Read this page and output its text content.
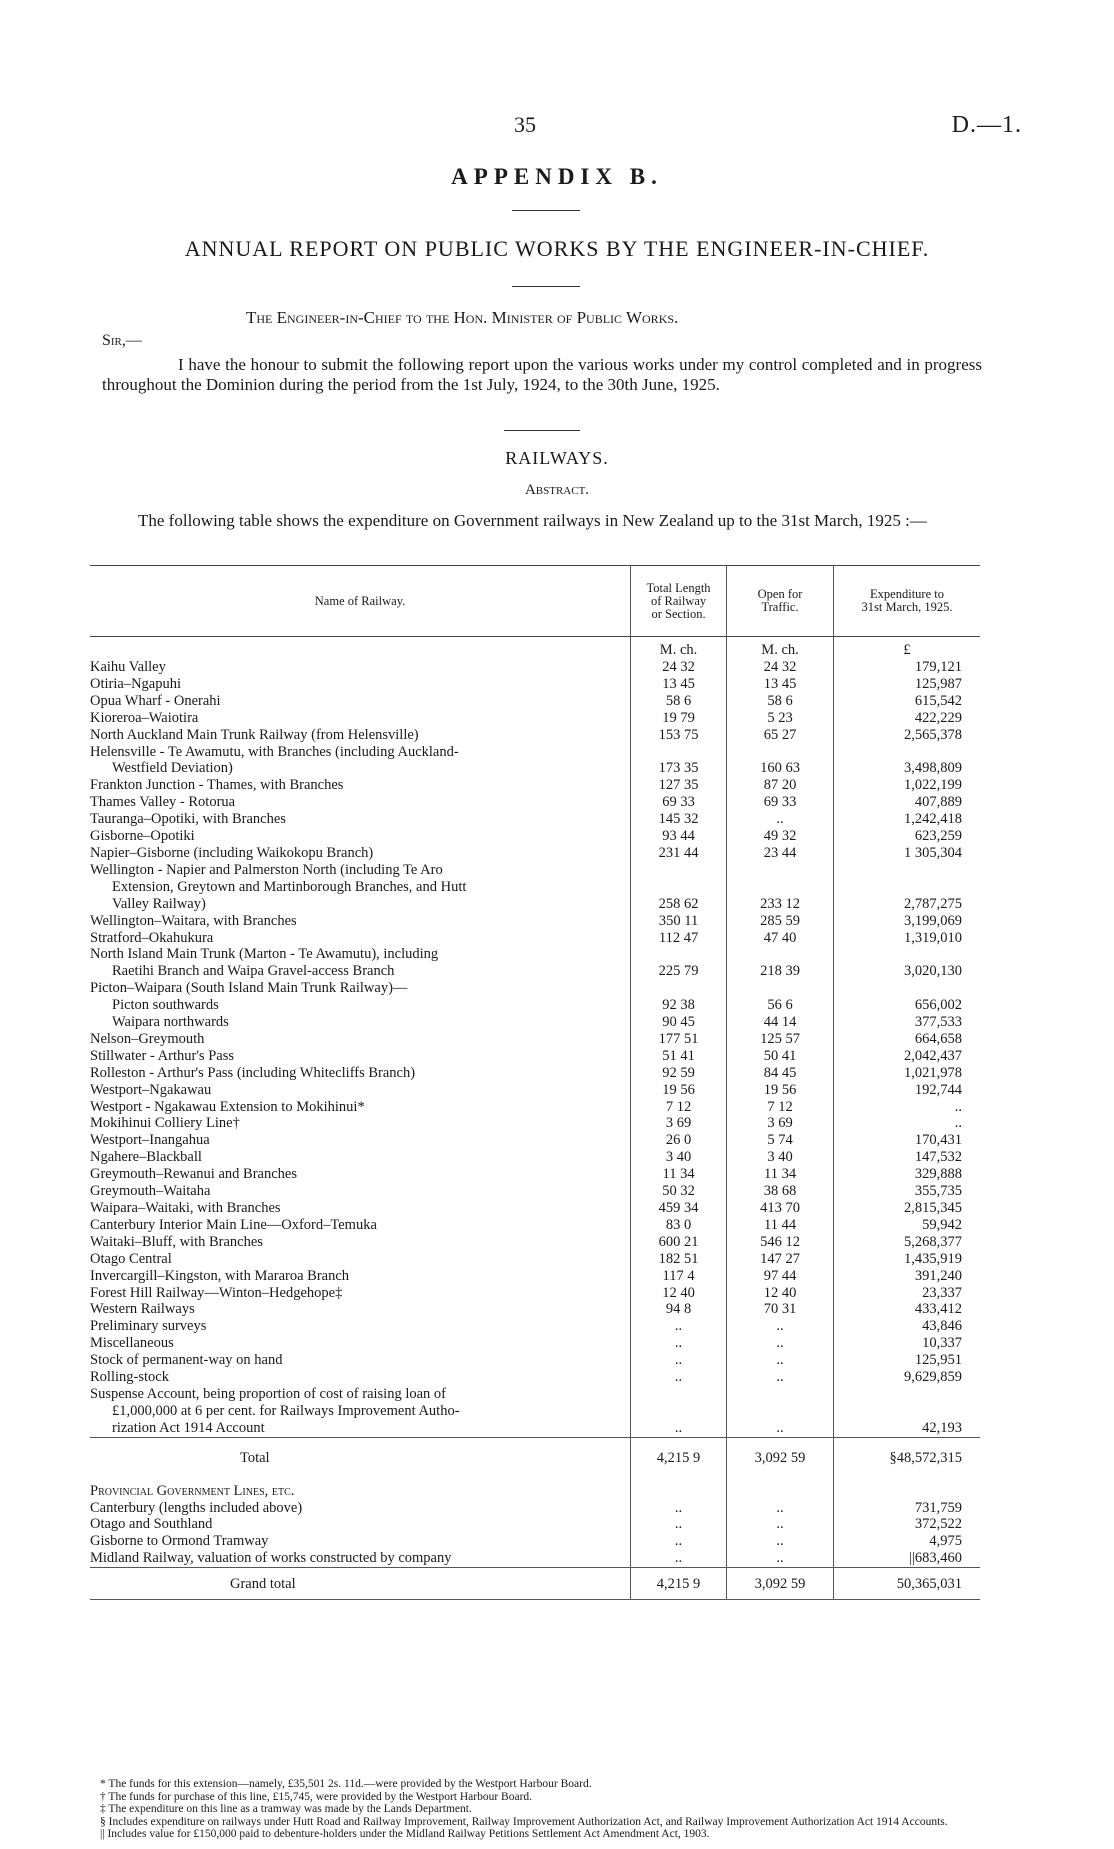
35	D.—1.
APPENDIX B.
ANNUAL REPORT ON PUBLIC WORKS BY THE ENGINEER-IN-CHIEF.
The Engineer-in-Chief to the Hon. Minister of Public Works.
Sir,—
I have the honour to submit the following report upon the various works under my control completed and in progress throughout the Dominion during the period from the 1st July, 1924, to the 30th June, 1925.
RAILWAYS.
Abstract.
The following table shows the expenditure on Government railways in New Zealand up to the 31st March, 1925 :—
Name of Railway.	Total Length of Railway or Section.	Open for Traffic.	Expenditure to 31st March, 1925.

	M. ch.	M. ch.	£

Kaihu Valley	24 32	24 32	179,121

Otiria–Ngapuhi	13 45	13 45	125,987

Opua Wharf - Onerahi	58 6	58 6	615,542

Kioreroa–Waiotira	19 79	5 23	422,229

North Auckland Main Trunk Railway (from Helensville)	153 75	65 27	2,565,378

Helensville - Te Awamutu, with Branches (including Auckland-
Westfield Deviation)	173 35	160 63	3,498,809

Frankton Junction - Thames, with Branches	127 35	87 20	1,022,199

Thames Valley - Rotorua	69 33	69 33	407,889

Tauranga–Opotiki, with Branches	145 32	..	1,242,418

Gisborne–Opotiki	93 44	49 32	623,259

Napier–Gisborne (including Waikokopu Branch)	231 44	23 44	1 305,304

Wellington - Napier and Palmerston North (including Te Aro
Extension, Greytown and Martinborough Branches, and Hutt
Valley Railway)	258 62	233 12	2,787,275

Wellington–Waitara, with Branches	350 11	285 59	3,199,069

Stratford–Okahukura	112 47	47 40	1,319,010

North Island Main Trunk (Marton - Te Awamutu), including
Raetihi Branch and Waipa Gravel-access Branch	225 79	218 39	3,020,130

Picton–Waipara (South Island Main Trunk Railway)—			

Picton southwards	92 38	56 6	656,002

Waipara northwards	90 45	44 14	377,533

Nelson–Greymouth	177 51	125 57	664,658

Stillwater - Arthur's Pass	51 41	50 41	2,042,437

Rolleston - Arthur's Pass (including Whitecliffs Branch)	92 59	84 45	1,021,978

Westport–Ngakawau	19 56	19 56	192,744

Westport - Ngakawau Extension to Mokihinui*	7 12	7 12	..

Mokihinui Colliery Line†	3 69	3 69	..

Westport–Inangahua	26 0	5 74	170,431

Ngahere–Blackball	3 40	3 40	147,532

Greymouth–Rewanui and Branches	11 34	11 34	329,888

Greymouth–Waitaha	50 32	38 68	355,735

Waipara–Waitaki, with Branches	459 34	413 70	2,815,345

Canterbury Interior Main Line—Oxford–Temuka	83 0	11 44	59,942

Waitaki–Bluff, with Branches	600 21	546 12	5,268,377

Otago Central	182 51	147 27	1,435,919

Invercargill–Kingston, with Mararoa Branch	117 4	97 44	391,240

Forest Hill Railway—Winton–Hedgehope‡	12 40	12 40	23,337

Western Railways	94 8	70 31	433,412

Preliminary surveys	..	..	43,846

Miscellaneous	..	..	10,337

Stock of permanent-way on hand	..	..	125,951

Rolling-stock	..	..	9,629,859

Suspense Account, being proportion of cost of raising loan of
£1,000,000 at 6 per cent. for Railways Improvement Autho-
rization Act 1914 Account	..	..	42,193
Total	4,215 9	3,092 59	§48,572,315
Provincial Government Lines, etc.			

Canterbury (lengths included above)	..	..	731,759

Otago and Southland	..	..	372,522

Gisborne to Ormond Tramway	..	..	4,975

Midland Railway, valuation of works constructed by company	..	..	||683,460
Grand total	4,215 9	3,092 59	50,365,031
* The funds for this extension—namely, £35,501 2s. 11d.—were provided by the Westport Harbour Board.
† The funds for purchase of this line, £15,745, were provided by the Westport Harbour Board.
‡ The expenditure on this line as a tramway was made by the Lands Department.
§ Includes expenditure on railways under Hutt Road and Railway Improvement, Railway Improvement Authorization Act, and Railway Improvement Authorization Act 1914 Accounts.
|| Includes value for £150,000 paid to debenture-holders under the Midland Railway Petitions Settlement Act Amendment Act, 1903.
